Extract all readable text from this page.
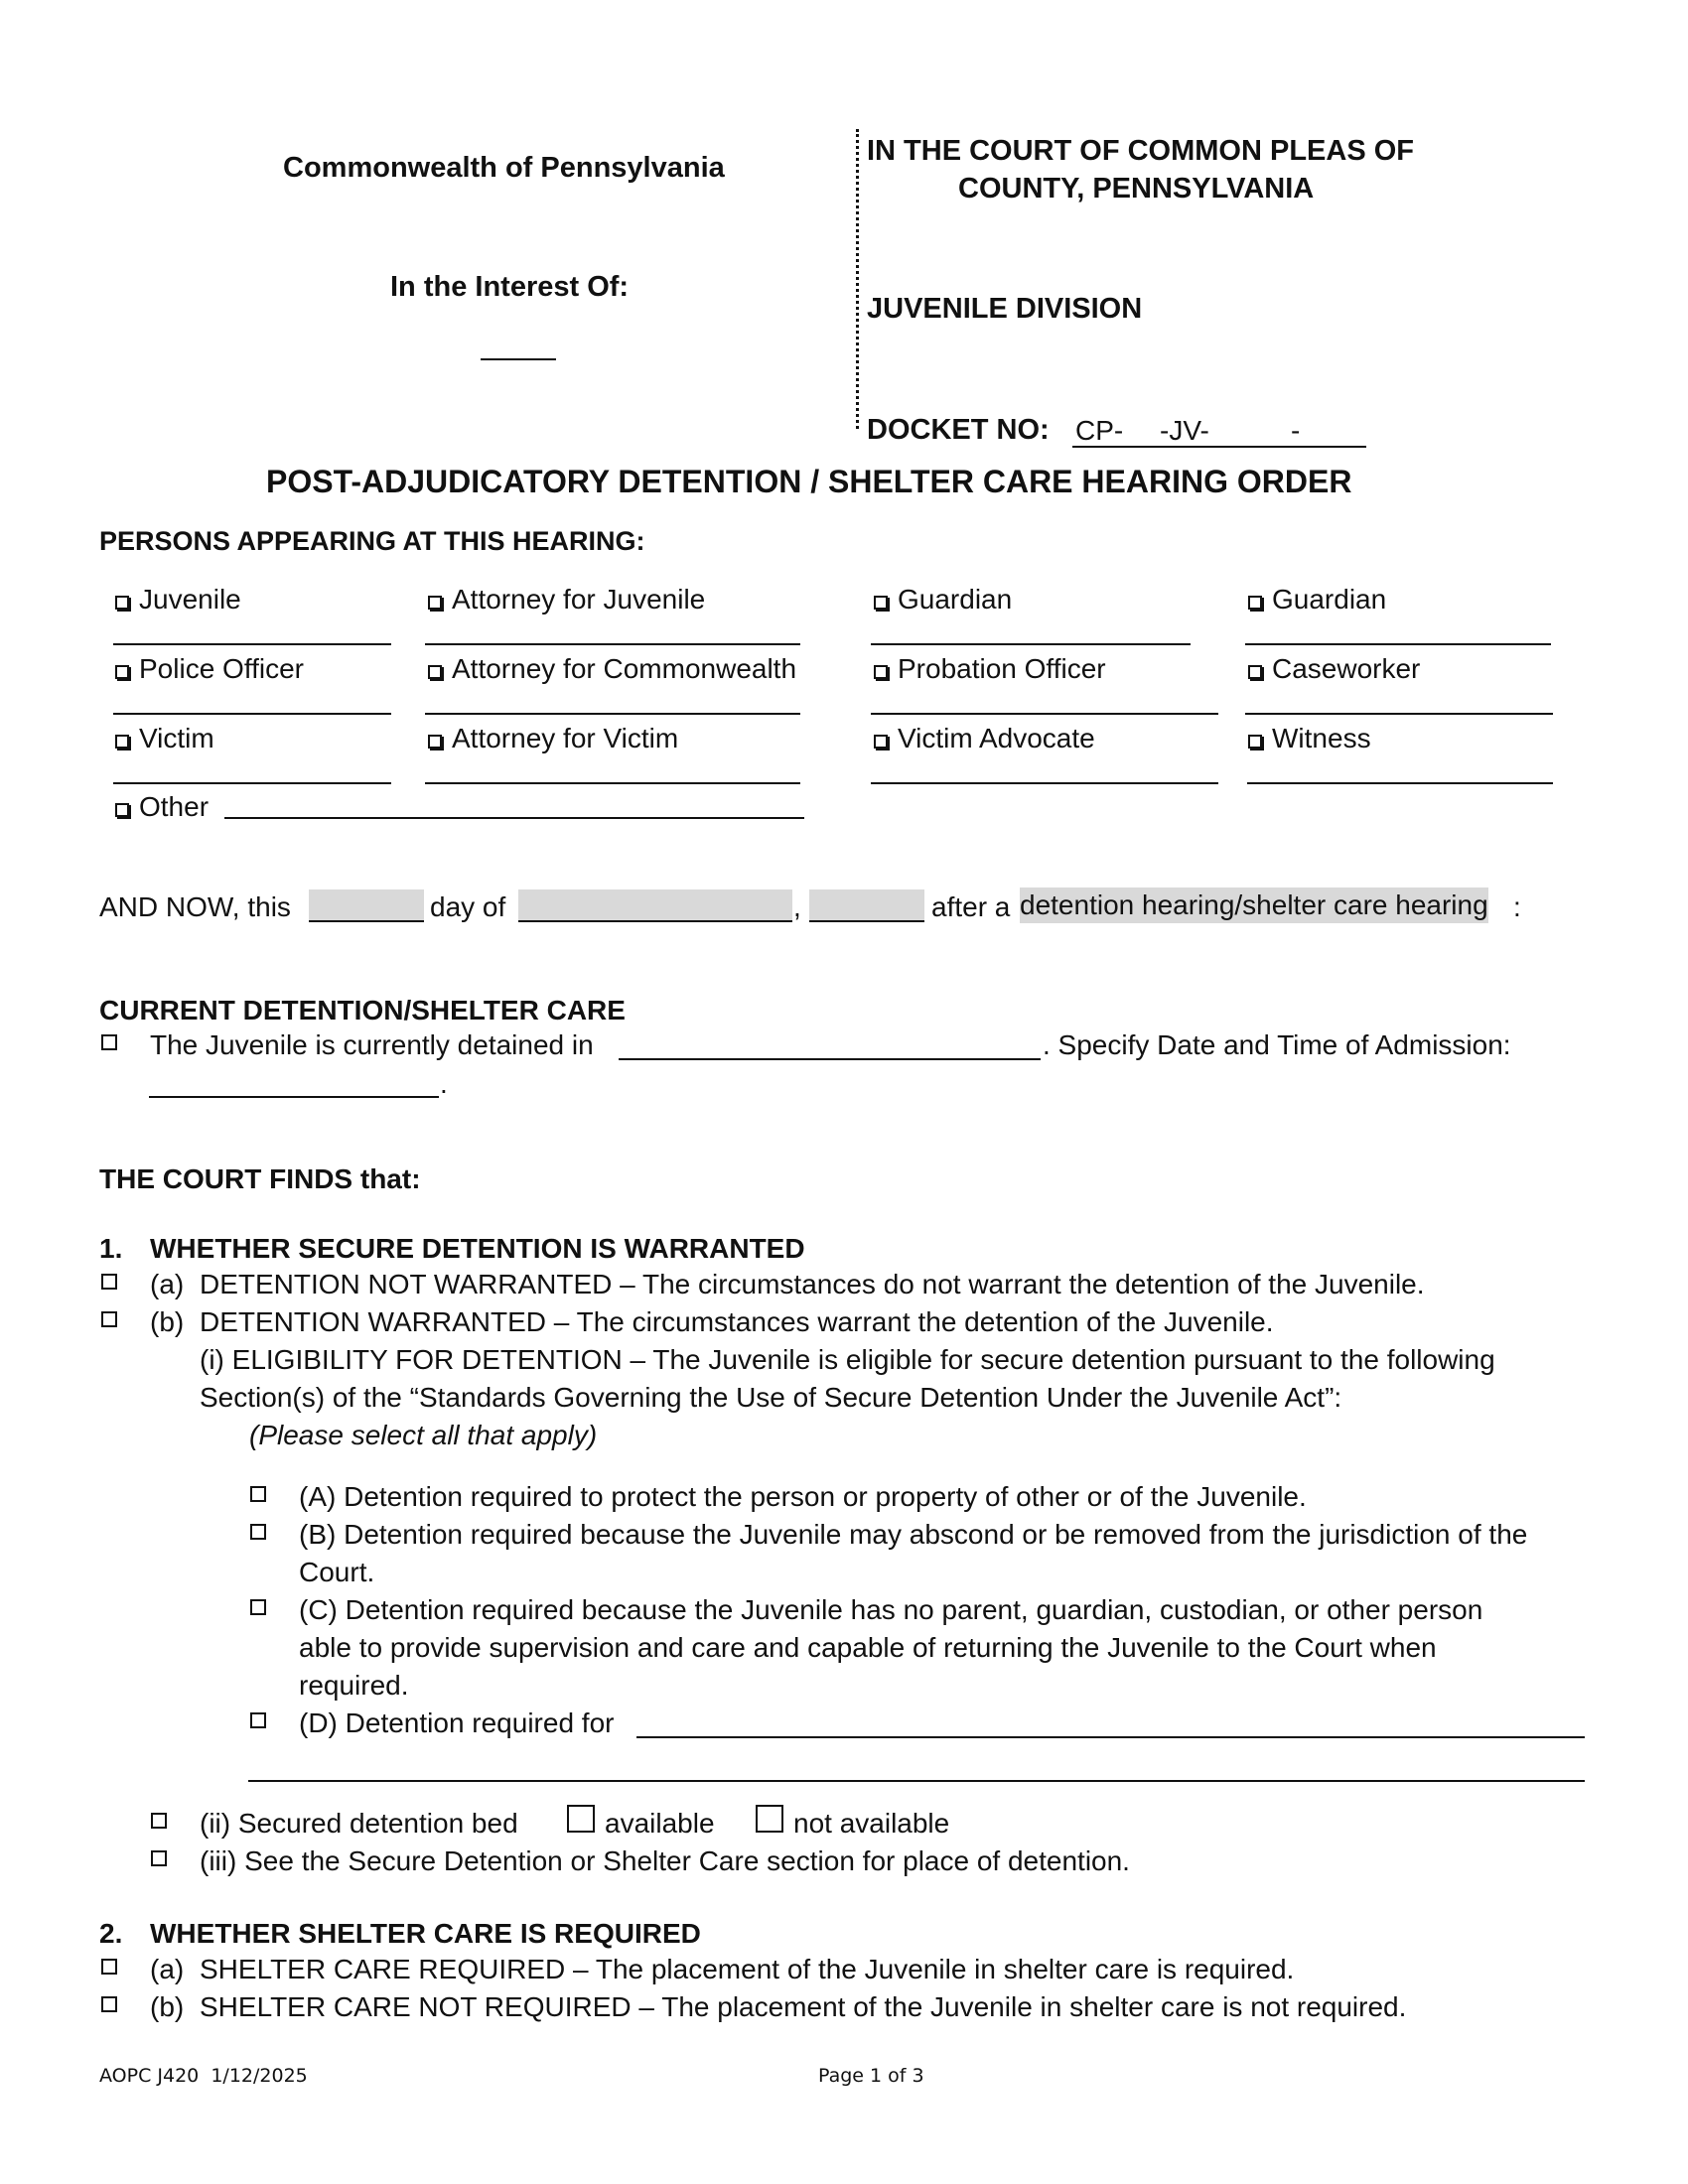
Commonwealth of Pennsylvania
In the Interest Of:
IN THE COURT OF COMMON PLEAS OF
COUNTY, PENNSYLVANIA
JUVENILE DIVISION
DOCKET NO: CP- -JV-	-
POST-ADJUDICATORY DETENTION / SHELTER CARE HEARING ORDER
PERSONS APPEARING AT THIS HEARING:
Juvenile	Attorney for Juvenile	Guardian	Guardian
Police Officer	Attorney for Commonwealth	Probation Officer	Caseworker
Victim	Attorney for Victim	Victim Advocate	Witness
Other
AND NOW, this	day of	,	after a detention hearing/shelter care hearing :
CURRENT DETENTION/SHELTER CARE
The Juvenile is currently detained in	. Specify Date and Time of Admission:
.
THE COURT FINDS that:
1. WHETHER SECURE DETENTION IS WARRANTED
(a) DETENTION NOT WARRANTED – The circumstances do not warrant the detention of the Juvenile.
(b) DETENTION WARRANTED – The circumstances warrant the detention of the Juvenile.
(i) ELIGIBILITY FOR DETENTION – The Juvenile is eligible for secure detention pursuant to the following
Section(s) of the “Standards Governing the Use of Secure Detention Under the Juvenile Act”:
(Please select all that apply)
(A) Detention required to protect the person or property of other or of the Juvenile.
(B) Detention required because the Juvenile may abscond or be removed from the jurisdiction of the
Court.
(C) Detention required because the Juvenile has no parent, guardian, custodian, or other person
able to provide supervision and care and capable of returning the Juvenile to the Court when
required.
(D) Detention required for
(ii) Secured detention bed	available	not available
(iii) See the Secure Detention or Shelter Care section for place of detention.
2. WHETHER SHELTER CARE IS REQUIRED
(a) SHELTER CARE REQUIRED – The placement of the Juvenile in shelter care is required.
(b) SHELTER CARE NOT REQUIRED – The placement of the Juvenile in shelter care is not required.
AOPC J420  1/12/2025	Page 1 of 3
